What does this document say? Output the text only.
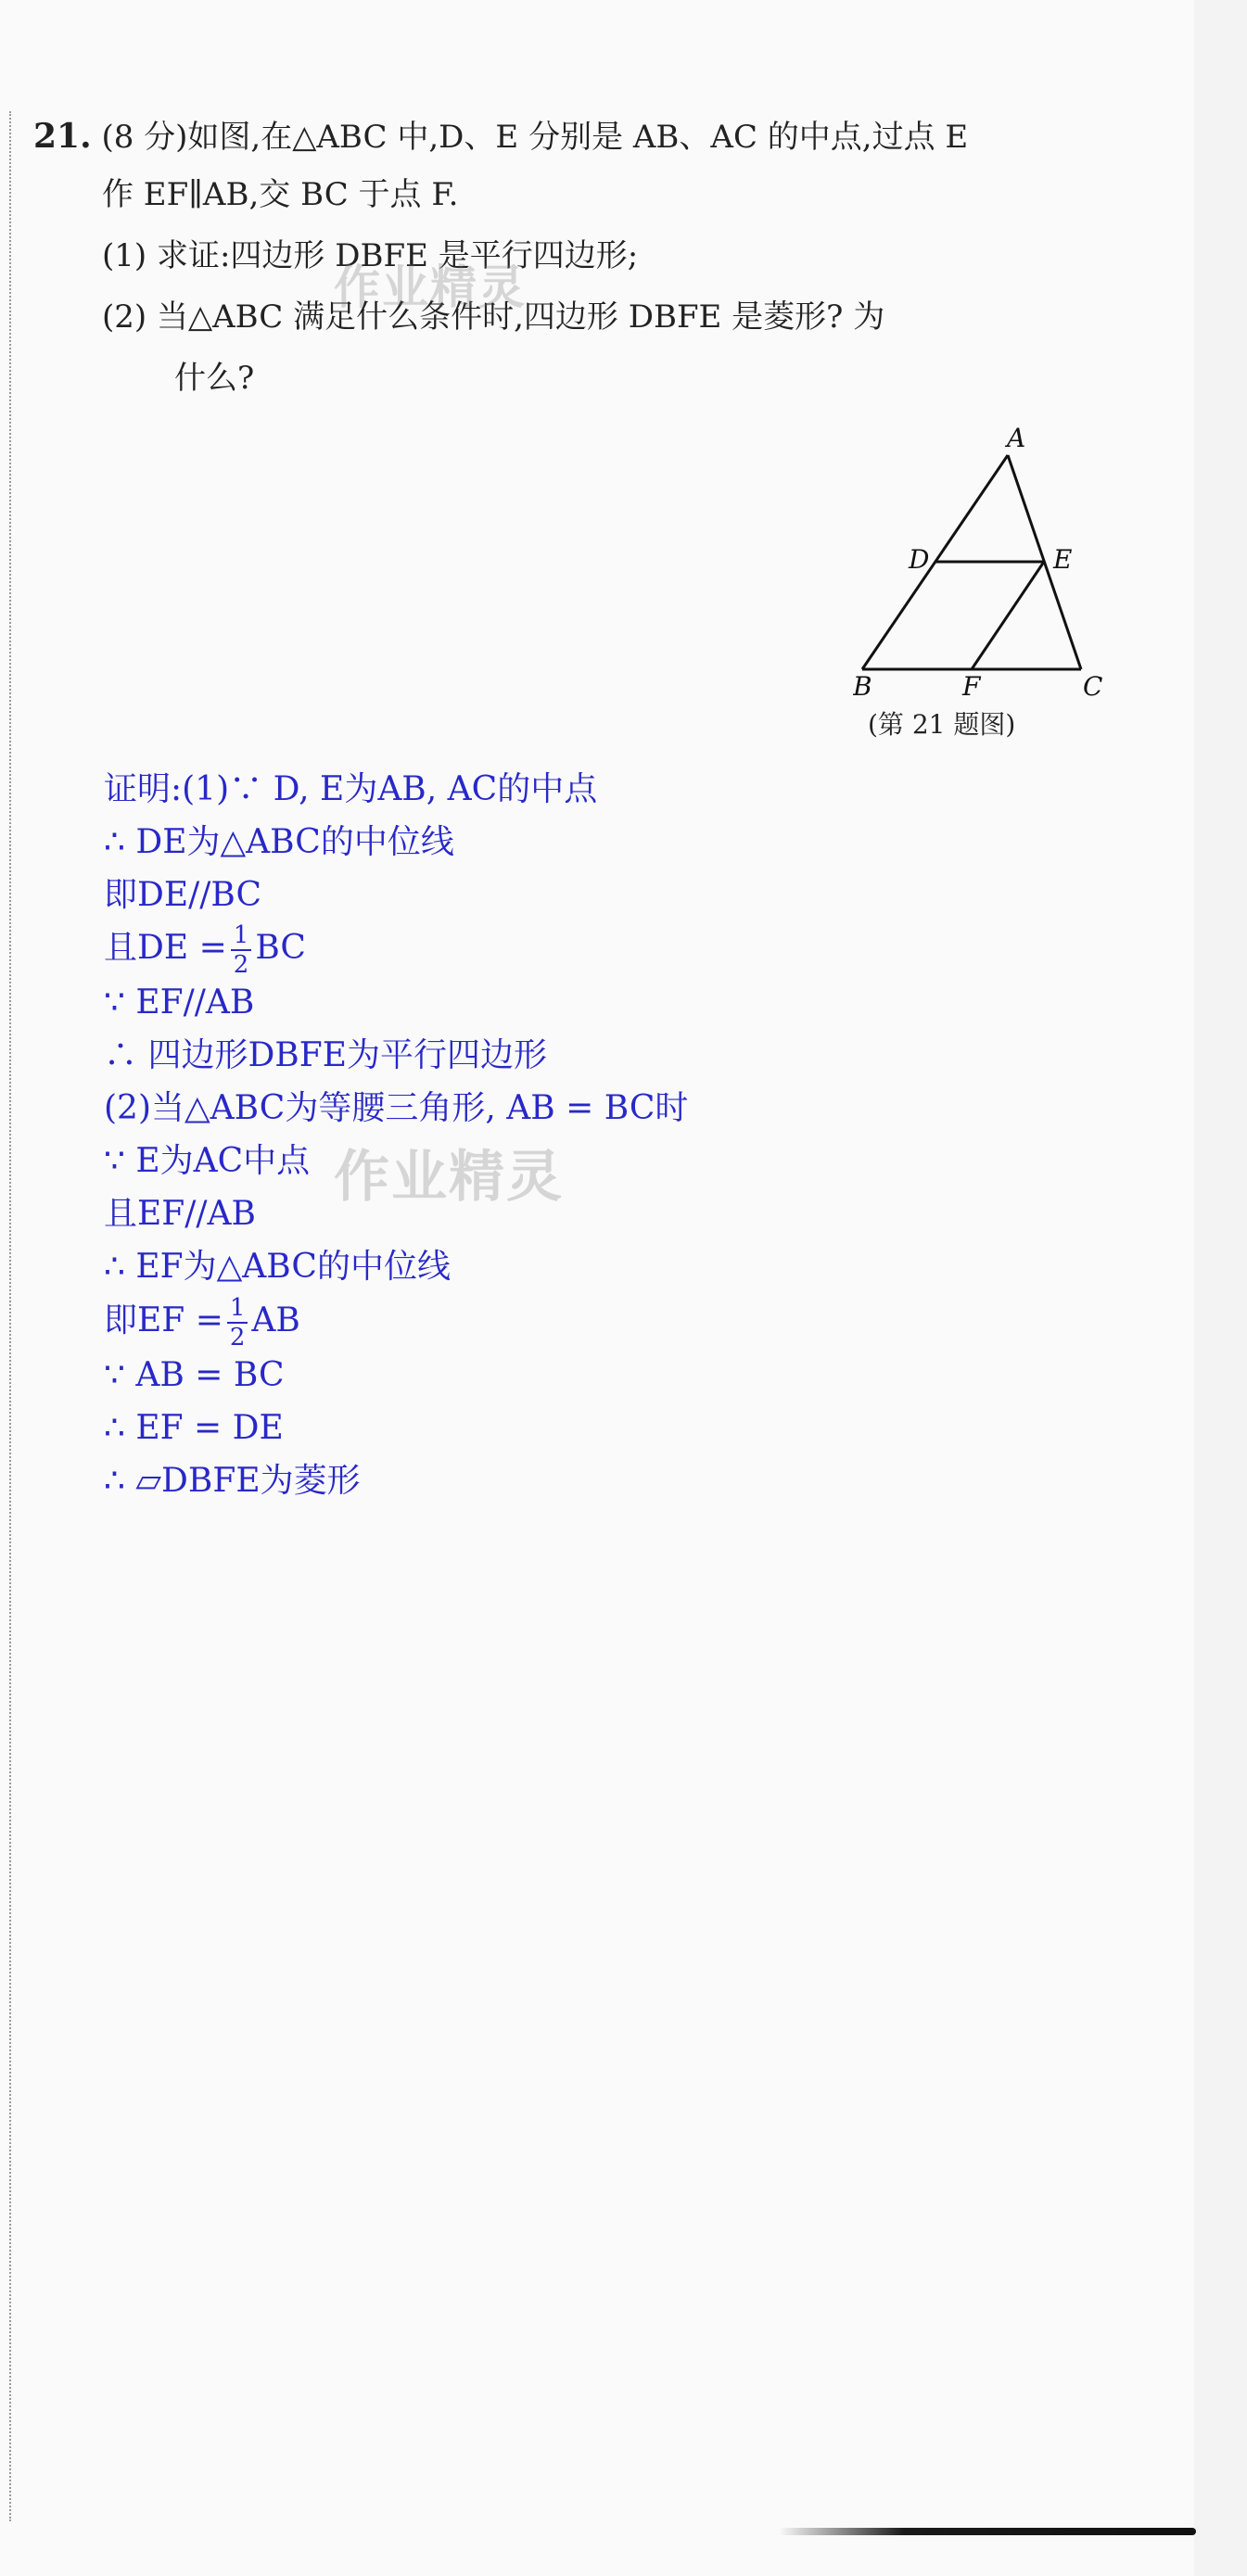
21. (8 分)如图,在△ABC 中,D、E 分别是 AB、AC 的中点,过点 E
作 EF∥AB,交 BC 于点 F.
(1) 求证:四边形 DBFE 是平行四边形;
(2) 当△ABC 满足什么条件时,四边形 DBFE 是菱形? 为
什么?
作业精灵
A
D	E
B	F	C
(第 21 题图)
证明:(1)∵ D, E为AB, AC的中点
∴ DE为△ABC的中位线
即DE//BC
且DE = $\frac{1}{2}$ BC
∵ EF//AB
∴ 四边形DBFE为平行四边形
(2)当△ABC为等腰三角形, AB = BC时
∵ E为AC中点 作业精灵
且EF//AB
∴ EF为△ABC的中位线
即EF = $\frac{1}{2}$ AB
∵ AB = BC
∴ EF = DE
∴ ▱DBFE为菱形
